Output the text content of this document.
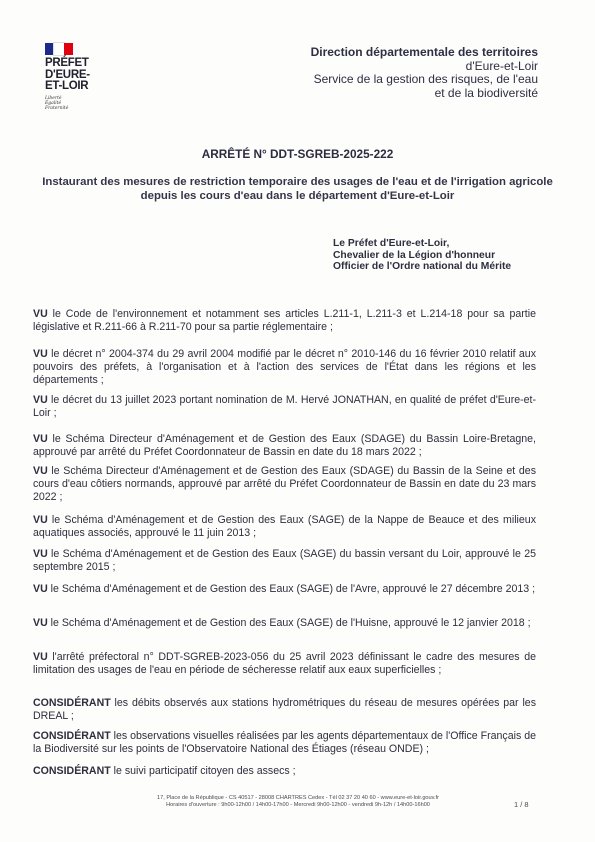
PRÉFET
D'EURE-
ET-LOIR
Liberté
Égalité
Fraternité
Direction départementale des territoires
d'Eure-et-Loir
Service de la gestion des risques, de l'eau
et de la biodiversité
ARRÊTÉ N° DDT-SGREB-2025-222
Instaurant des mesures de restriction temporaire des usages de l'eau et de l'irrigation agricole depuis les cours d'eau dans le département d'Eure-et-Loir
Le Préfet d'Eure-et-Loir,
Chevalier de la Légion d'honneur
Officier de l'Ordre national du Mérite
VU le Code de l'environnement et notamment ses articles L.211-1, L.211-3 et L.214-18 pour sa partie législative et R.211-66 à R.211-70 pour sa partie réglementaire ;
VU le décret n° 2004-374 du 29 avril 2004 modifié par le décret n° 2010-146 du 16 février 2010 relatif aux pouvoirs des préfets, à l'organisation et à l'action des services de l'État dans les régions et les départements ;
VU le décret du 13 juillet 2023 portant nomination de M. Hervé JONATHAN, en qualité de préfet d'Eure-et-Loir ;
VU le Schéma Directeur d'Aménagement et de Gestion des Eaux (SDAGE) du Bassin Loire-Bretagne, approuvé par arrêté du Préfet Coordonnateur de Bassin en date du 18 mars 2022 ;
VU le Schéma Directeur d'Aménagement et de Gestion des Eaux (SDAGE) du Bassin de la Seine et des cours d'eau côtiers normands, approuvé par arrêté du Préfet Coordonnateur de Bassin en date du 23 mars 2022 ;
VU le Schéma d'Aménagement et de Gestion des Eaux (SAGE) de la Nappe de Beauce et des milieux aquatiques associés, approuvé le 11 juin 2013 ;
VU le Schéma d'Aménagement et de Gestion des Eaux (SAGE) du bassin versant du Loir, approuvé le 25 septembre 2015 ;
VU le Schéma d'Aménagement et de Gestion des Eaux (SAGE) de l'Avre, approuvé le 27 décembre 2013 ;
VU le Schéma d'Aménagement et de Gestion des Eaux (SAGE) de l'Huisne, approuvé le 12 janvier 2018 ;
VU l'arrêté préfectoral n° DDT-SGREB-2023-056 du 25 avril 2023 définissant le cadre des mesures de limitation des usages de l'eau en période de sécheresse relatif aux eaux superficielles ;
CONSIDÉRANT les débits observés aux stations hydrométriques du réseau de mesures opérées par les DREAL ;
CONSIDÉRANT les observations visuelles réalisées par les agents départementaux de l'Office Français de la Biodiversité sur les points de l'Observatoire National des Étiages (réseau ONDE) ;
CONSIDÉRANT le suivi participatif citoyen des assecs ;
17, Place de la République - CS 40517 - 28008 CHARTRES Cedex - Tél 02 37 20 40 60 - www.eure-et-loir.gouv.fr
Horaires d'ouverture : 9h00-12h00 / 14h00-17h00 - Mercredi 9h00-12h00 - vendredi 9h-12h / 14h00-16h00	1 / 8
